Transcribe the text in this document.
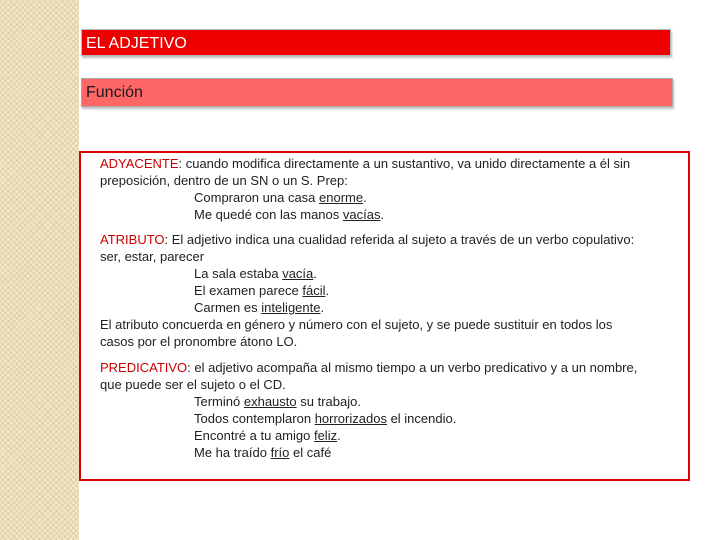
EL ADJETIVO
Función

ADYACENTE: cuando modifica directamente a un sustantivo, va unido directamente a él sin

preposición, dentro de un SN o un S. Prep:

Compraron una casa enorme.

Me quedé con las manos vacías.

ATRIBUTO: El adjetivo indica una cualidad referida al sujeto a través de un verbo copulativo:

ser, estar, parecer

La sala estaba vacía.

El examen parece fácil.

Carmen es inteligente.

El atributo concuerda en género y número con el sujeto, y se puede sustituir en todos los

casos por el pronombre átono LO.

PREDICATIVO: el adjetivo acompaña al mismo tiempo a un verbo predicativo y a un nombre,

que puede ser el sujeto o el CD.

Terminó exhausto su trabajo.

Todos contemplaron horrorizados el incendio.

Encontré a tu amigo feliz.

Me ha traído frío el café
